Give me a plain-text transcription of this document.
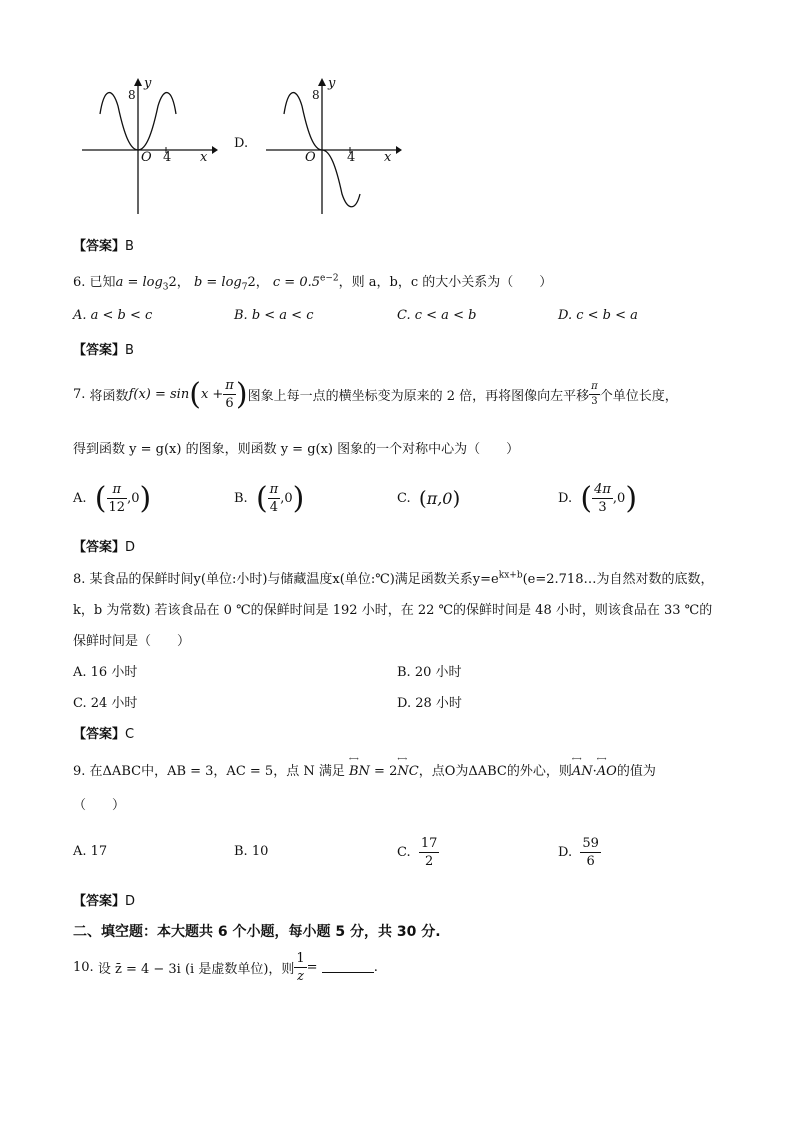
y
8
O 4 x
D.
y
8
O 4 x
【答案】B
6. 已知$a = \log_32$， $b = \log_72$， $c = 0.5^{e-2}$，则 a，b，c 的大小关系为（　　）
A. a < b < c	B. b < a < c	C. c < a < b	D. c < b < a
【答案】B
7.
将函数 f(x) = sin ( $x + \frac{\pi}{6}$ ) 图象上每一点的横坐标变为原来的 2 倍，再将图像向左平移 $\frac{\pi}{3}$ 个单位长度，
得到函数 y = g(x) 的图象，则函数 y = g(x) 图象的一个对称中心为（　　）
A.
( $\frac{\pi}{12} ,0$ )	B.
( $\frac{\pi}{4} ,0$ )	C.
( π,0 )	D.
( $\frac{4\pi}{3} ,0$ )
【答案】D
8. 某食品的保鲜时间y(单位:小时)与储藏温度x(单位:℃)满足函数关系$y=e^{kx+b}(e=2.718\dots$为自然对数的底数，
k，b 为常数) 若该食品在 0 ℃的保鲜时间是 192 小时，在 22 ℃的保鲜时间是 48 小时，则该食品在 33 ℃的
保鲜时间是（　　）
A. 16 小时	B. 20 小时
C. 24 小时	D. 28 小时
【答案】C
9. 在ΔABC中，AB = 3，AC = 5，点 N 满足 ←→ BN = 2←→ NC，点O为ΔABC的外心，则←→ AN·←→ AO的值为
（　　）
A. 17	B. 10	C.
$\frac{17}{2}$	D.
$\frac{59}{6}$
【答案】D
二、填空题：本大题共 6 个小题，每小题 5 分，共 30 分.
10.
设 z̄ = 4 − 3i (i 是虚数单位)，则 $\frac{1}{z}$ =
	.
